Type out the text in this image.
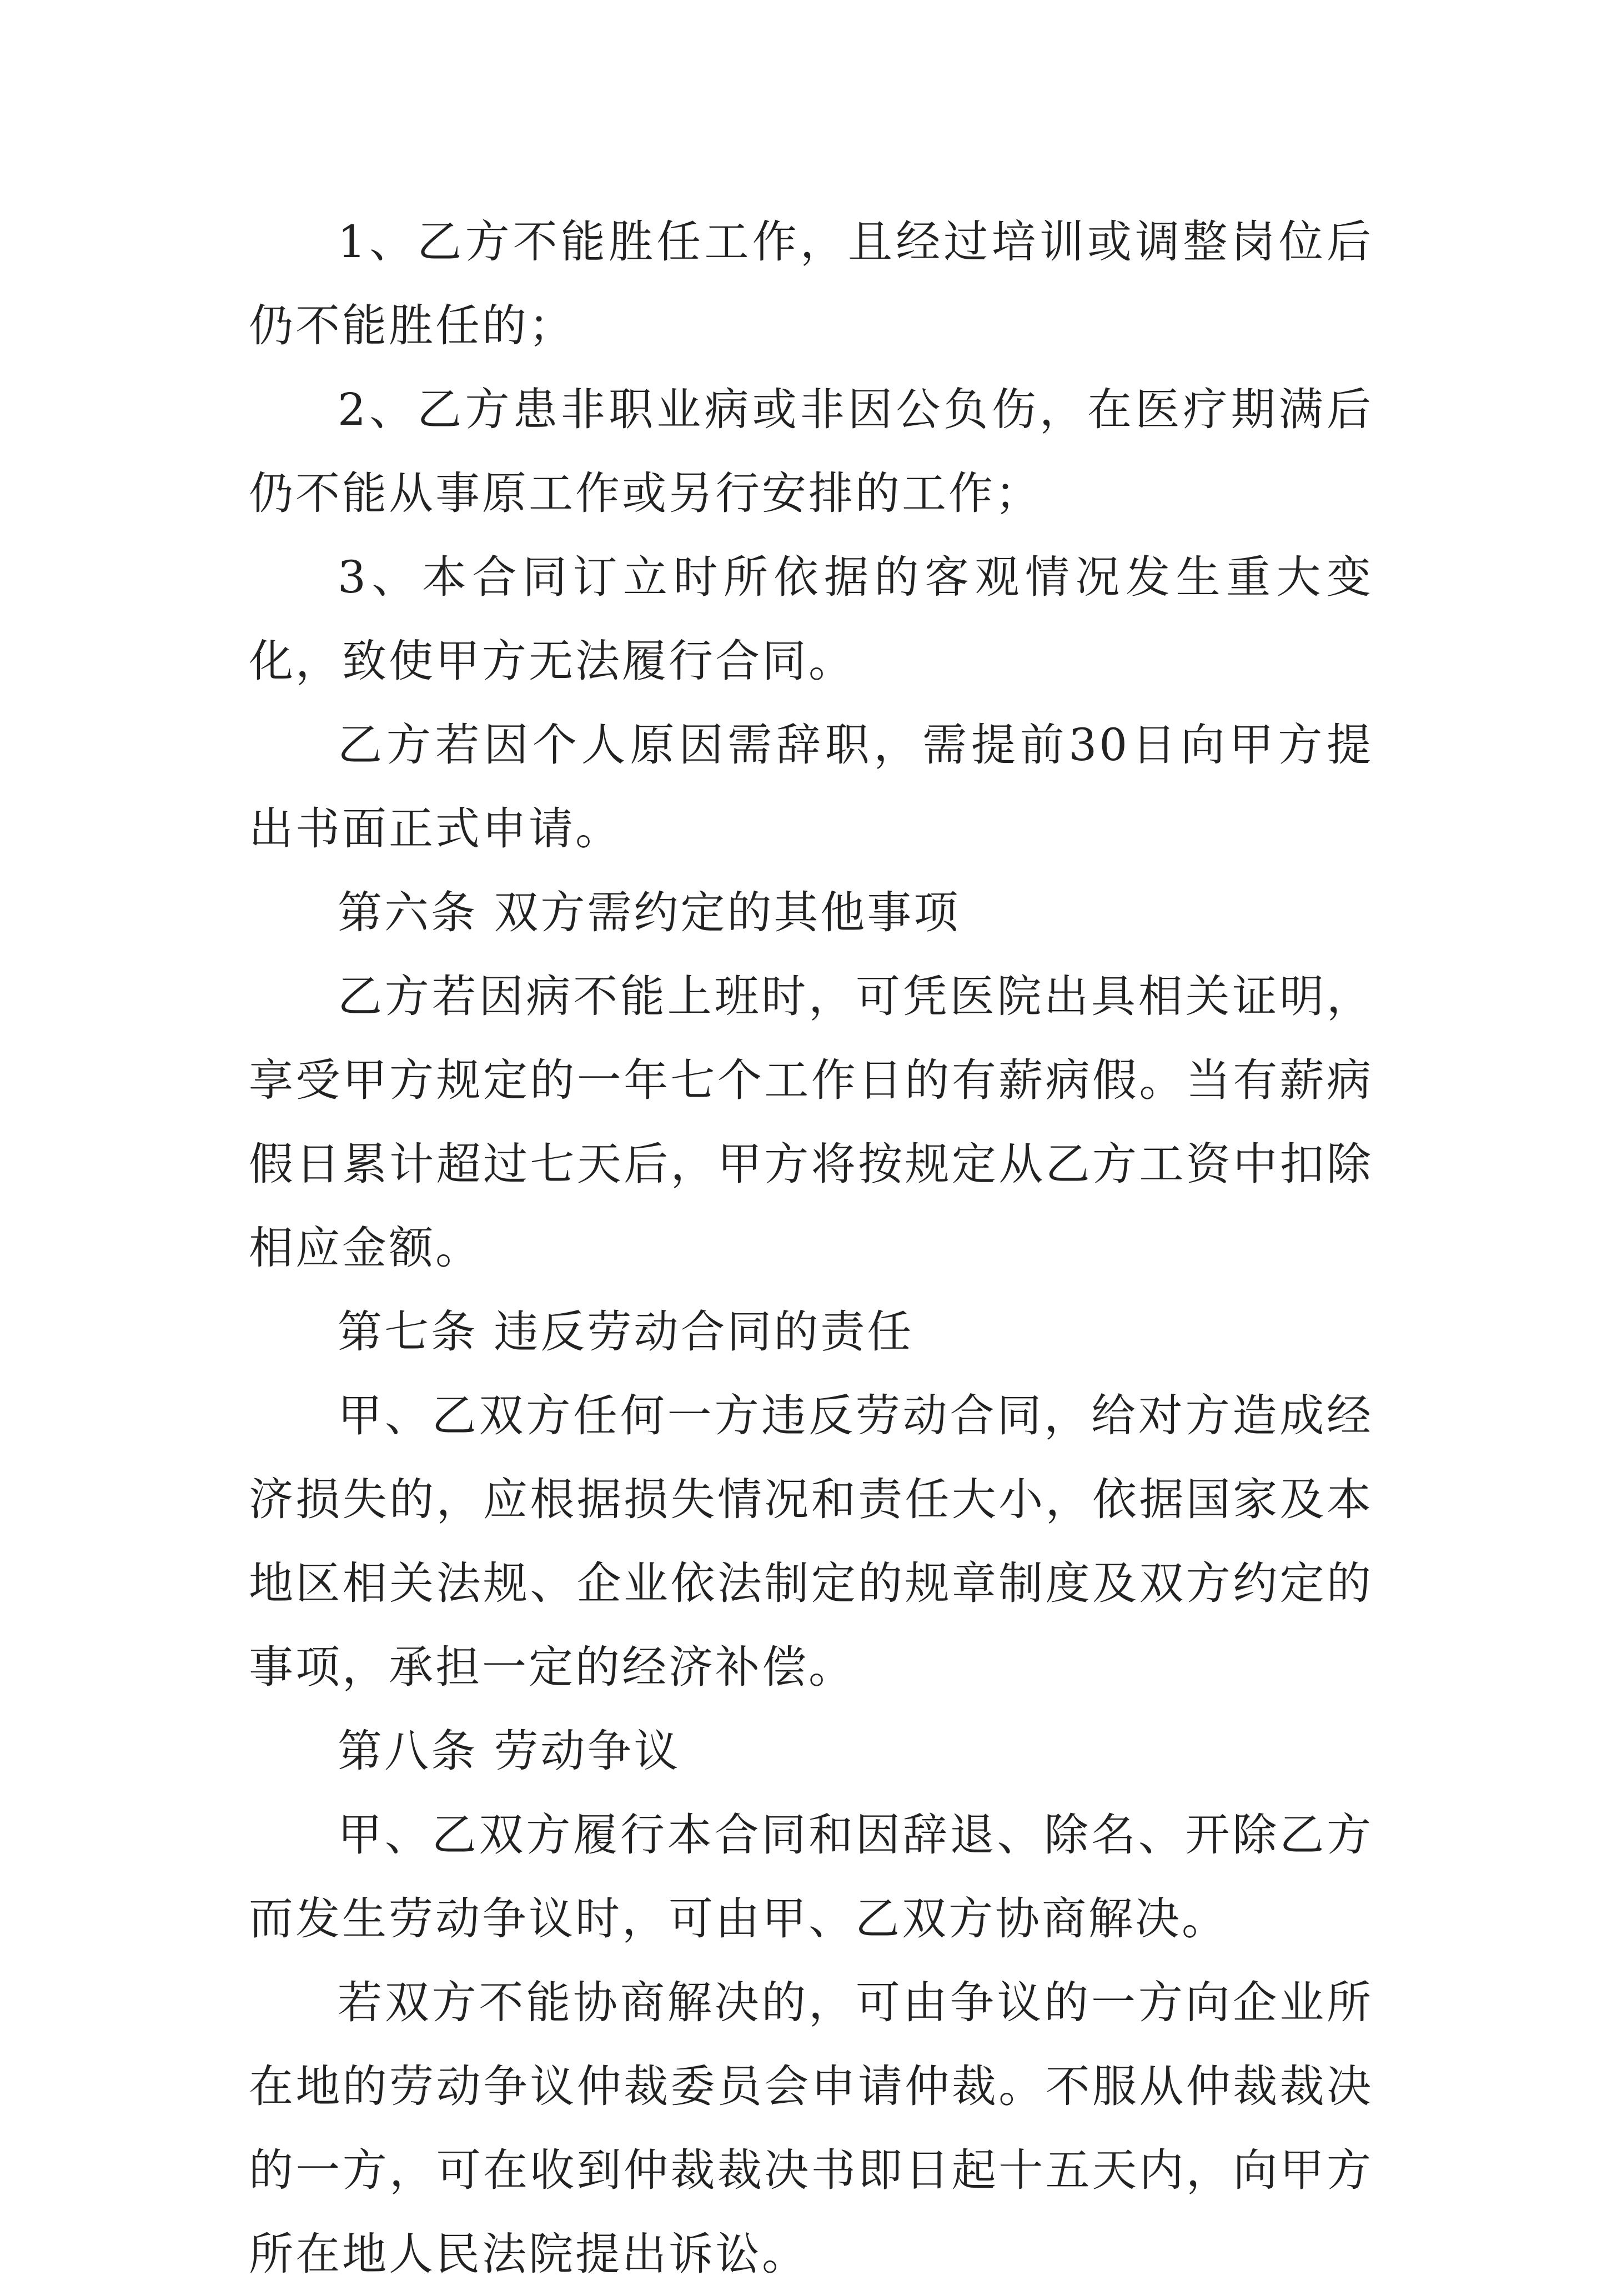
1、乙方不能胜任工作，且经过培训或调整岗位后仍不能胜任的；

2、乙方患非职业病或非因公负伤，在医疗期满后仍不能从事原工作或另行安排的工作；

3、本合同订立时所依据的客观情况发生重大变化，致使甲方无法履行合同。

乙方若因个人原因需辞职，需提前30日向甲方提出书面正式申请。

第六条 双方需约定的其他事项

乙方若因病不能上班时，可凭医院出具相关证明，享受甲方规定的一年七个工作日的有薪病假。当有薪病假日累计超过七天后，甲方将按规定从乙方工资中扣除相应金额。

第七条 违反劳动合同的责任

甲、乙双方任何一方违反劳动合同，给对方造成经济损失的，应根据损失情况和责任大小，依据国家及本地区相关法规、企业依法制定的规章制度及双方约定的事项，承担一定的经济补偿。

第八条 劳动争议

甲、乙双方履行本合同和因辞退、除名、开除乙方而发生劳动争议时，可由甲、乙双方协商解决。

若双方不能协商解决的，可由争议的一方向企业所在地的劳动争议仲裁委员会申请仲裁。不服从仲裁裁决的一方，可在收到仲裁裁决书即日起十五天内，向甲方所在地人民法院提出诉讼。
